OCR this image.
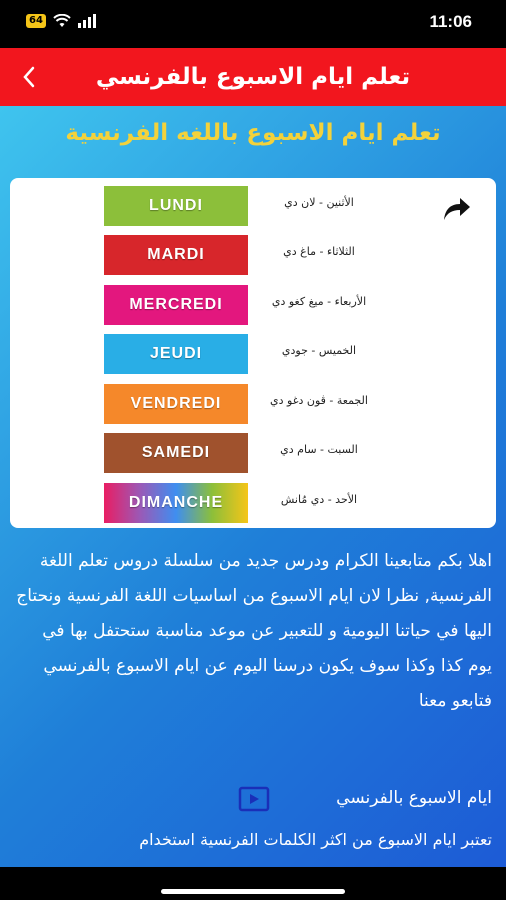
64	11:06
تعلم ايام الاسبوع بالفرنسي
تعلم ايام الاسبوع باللغه الفرنسية
LUNDI	الأثنين - لان دي
MARDI	الثلاثاء - ماغ دي
MERCREDI	الأربعاء - ميغ كغو دي
JEUDI	الخميس - جودي
VENDREDI	الجمعة - ڤون دغو دي
SAMEDI	السبت - سام دي
DIMANCHE	الأحد - دي مُانش
اهلا بكم متابعينا الكرام ودرس جديد من سلسلة دروس تعلم اللغة الفرنسية, نظرا لان ايام الاسبوع من اساسيات اللغة الفرنسية ونحتاج اليها في حياتنا اليومية و للتعبير عن موعد مناسبة ستحتفل بها في يوم كذا وكذا سوف يكون درسنا اليوم عن ايام الاسبوع بالفرنسي فتابعو معنا
ايام الاسبوع بالفرنسي
تعتبر ايام الاسبوع من اكثر الكلمات الفرنسية استخدام
